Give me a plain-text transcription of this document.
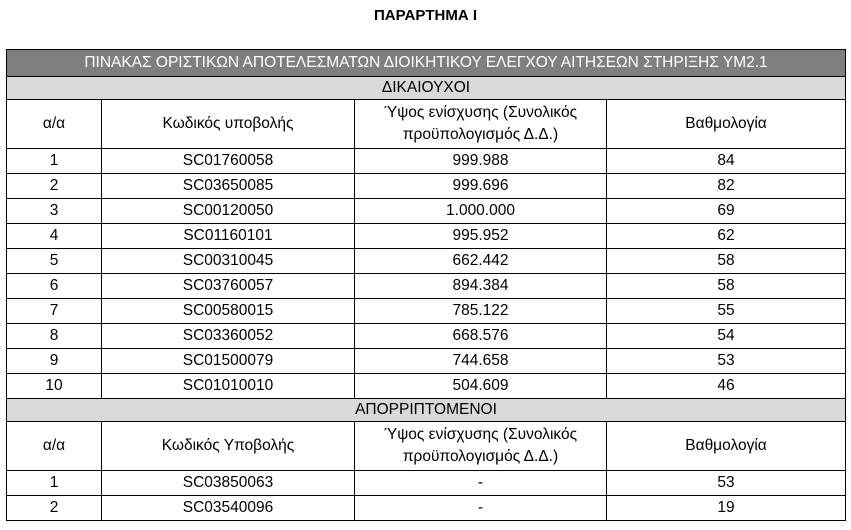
ΠΑΡΑΡΤΗΜΑ Ι
ΠΙΝΑΚΑΣ ΟΡΙΣΤΙΚΩΝ ΑΠΟΤΕΛΕΣΜΑΤΩΝ ΔΙΟΙΚΗΤΙΚΟΥ ΕΛΕΓΧΟΥ ΑΙΤΗΣΕΩΝ ΣΤΗΡΙΞΗΣ ΥΜ2.1			
ΔΙΚΑΙΟΥΧΟΙ			
α/α	Κωδικός υποβολής	Ύψος ενίσχυσης (Συνολικός προϋπολογισμός Δ.Δ.)	Βαθμολογία
1	SC01760058	999.988	84
2	SC03650085	999.696	82
3	SC00120050	1.000.000	69
4	SC01160101	995.952	62
5	SC00310045	662.442	58
6	SC03760057	894.384	58
7	SC00580015	785.122	55
8	SC03360052	668.576	54
9	SC01500079	744.658	53
10	SC01010010	504.609	46
ΑΠΟΡΡΙΠΤΟΜΕΝΟΙ			
α/α	Κωδικός Υποβολής	Ύψος ενίσχυσης (Συνολικός προϋπολογισμός Δ.Δ.)	Βαθμολογία
1	SC03850063	-	53
2	SC03540096	-	19
